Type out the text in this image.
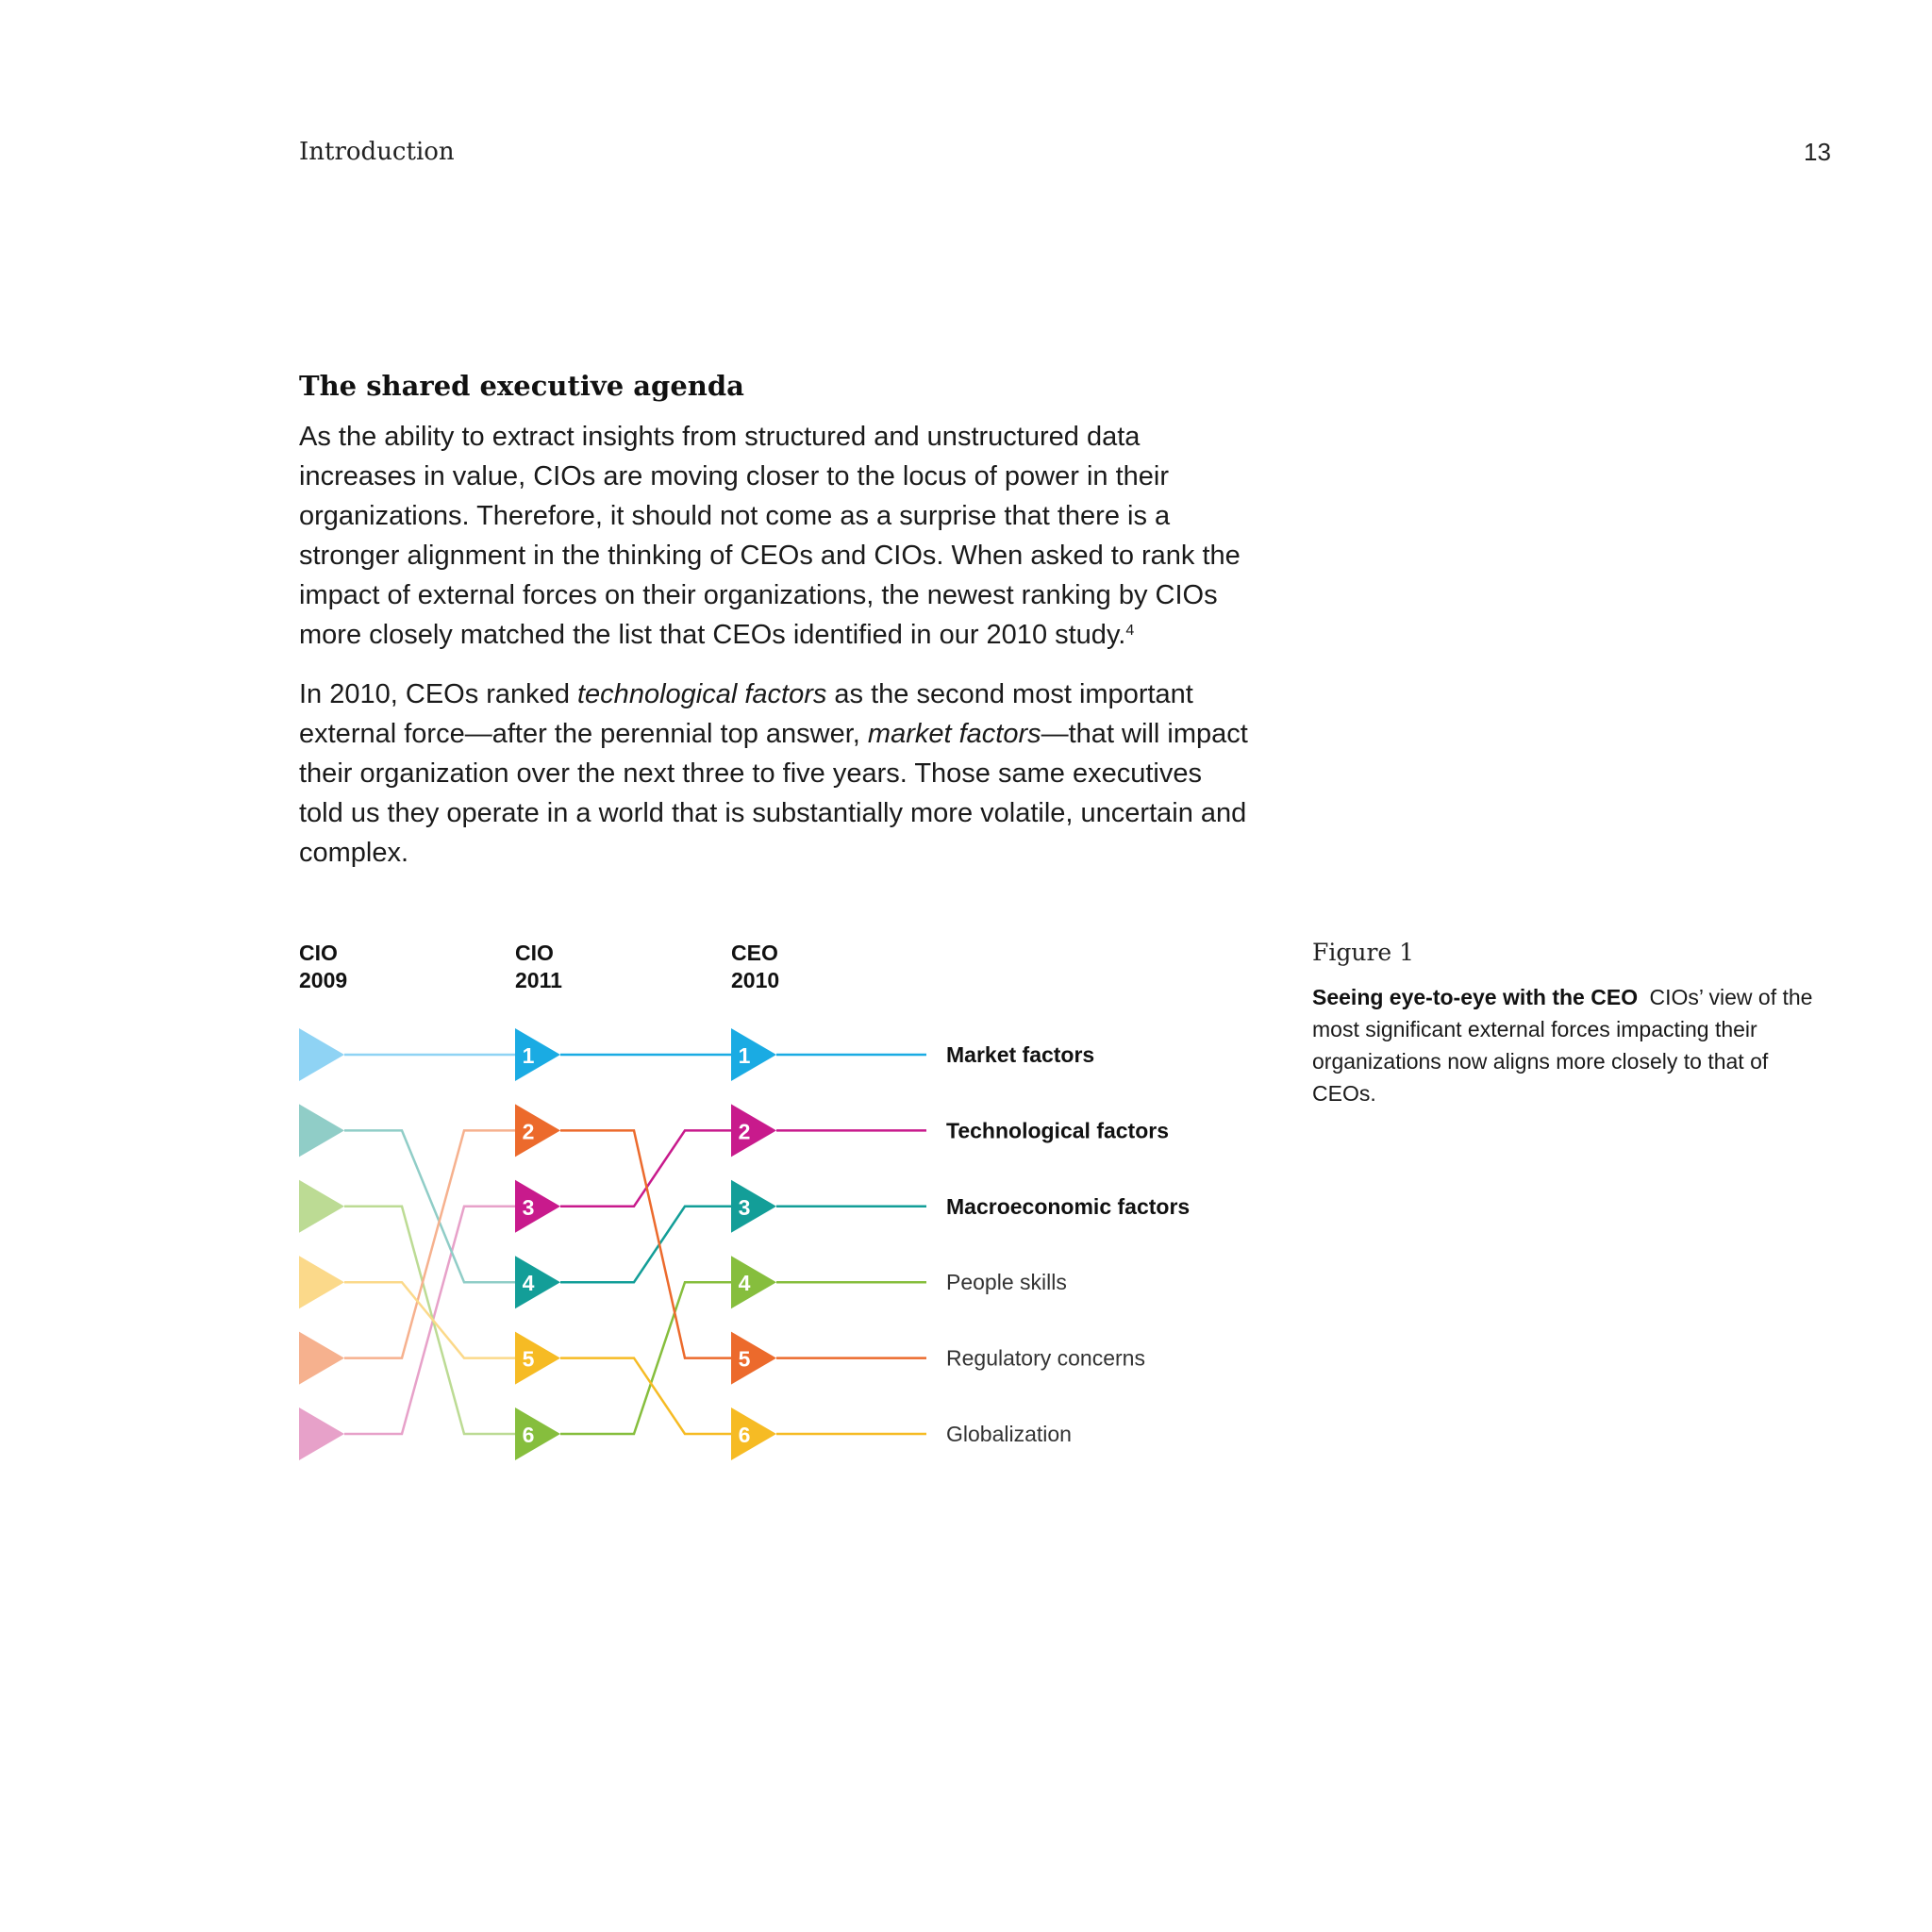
Introduction	13
The shared executive agenda

As the ability to extract insights from structured and unstructured data increases in value, CIOs are moving closer to the locus of power in their organizations. Therefore, it should not come as a surprise that there is a stronger alignment in the thinking of CEOs and CIOs. When asked to rank the impact of external forces on their organizations, the newest ranking by CIOs more closely matched the list that CEOs identified in our 2010 study.$^4$

In 2010, CEOs ranked technological factors as the second most important external force—after the perennial top answer, market factors—that will impact their organization over the next three to five years. Those same executives told us they operate in a world that is substantially more volatile, uncertain and complex.

CIO
2009
CIO
2011
CEO
2010
1	1
3
2
4
3
6
4
2
5
5
6
Market factors
Technological factors
Macroeconomic factors
People skills
Regulatory concerns
Globalization
Figure 1

Seeing eye-to-eye with the CEO CIOs’ view of the most significant external forces impacting their organizations now aligns more closely to that of CEOs.
